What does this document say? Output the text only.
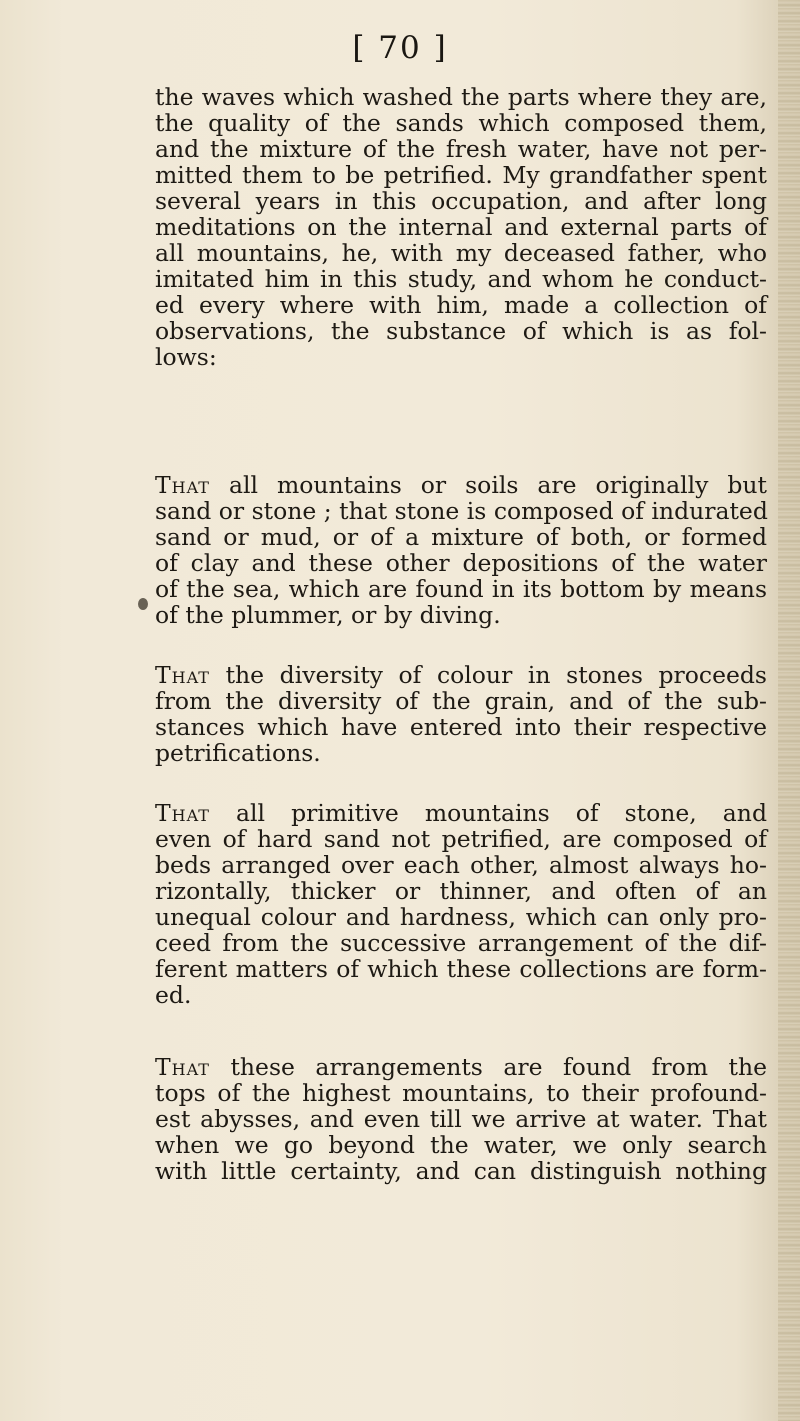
[ 70 ]
the waves which washed the parts where they are,
the quality of the sands which composed them,
and the mixture of the fresh water, have not per-
mitted them to be petrified. My grandfather spent
several years in this occupation, and after long
meditations on the internal and external parts of
all mountains, he, with my deceased father, who
imitated him in this study, and whom he conduct-
ed every where with him, made a collection of
observations, the substance of which is as fol-
lows:
That all mountains or soils are originally but
sand or stone ; that stone is composed of indurated
sand or mud, or of a mixture of both, or formed
of clay and these other depositions of the water
of the sea, which are found in its bottom by means
of the plummer, or by diving.
That the diversity of colour in stones proceeds
from the diversity of the grain, and of the sub-
stances which have entered into their respective
petrifications.
That all primitive mountains of stone, and
even of hard sand not petrified, are composed of
beds arranged over each other, almost always ho-
rizontally, thicker or thinner, and often of an
unequal colour and hardness, which can only pro-
ceed from the successive arrangement of the dif-
ferent matters of which these collections are form-
ed.
That these arrangements are found from the
tops of the highest mountains, to their profound-
est abysses, and even till we arrive at water. That
when we go beyond the water, we only search
with little certainty, and can distinguish nothing
